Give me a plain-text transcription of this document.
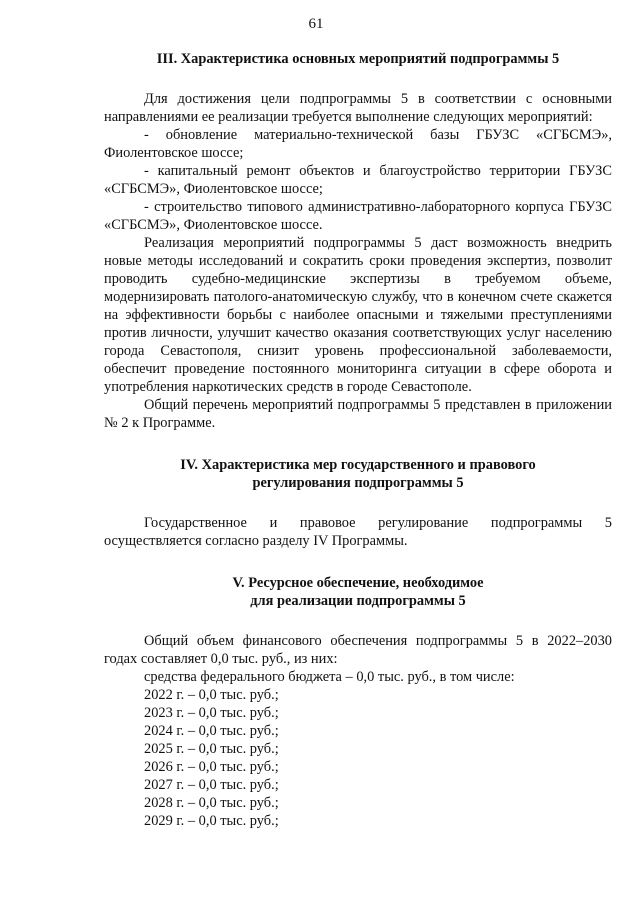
61
III. Характеристика основных мероприятий подпрограммы 5

Для достижения цели подпрограммы 5 в соответствии с основными направлениями ее реализации требуется выполнение следующих мероприятий:

- обновление материально-технической базы ГБУЗС «СГБСМЭ», Фиолентовское шоссе;

- капитальный ремонт объектов и благоустройство территории ГБУЗС «СГБСМЭ», Фиолентовское шоссе;

- строительство типового административно-лабораторного корпуса ГБУЗС «СГБСМЭ», Фиолентовское шоссе.

Реализация мероприятий подпрограммы 5 даст возможность внедрить новые методы исследований и сократить сроки проведения экспертиз, позволит проводить судебно-медицинские экспертизы в требуемом объеме, модернизировать патолого-анатомическую службу, что в конечном счете скажется на эффективности борьбы с наиболее опасными и тяжелыми преступлениями против личности, улучшит качество оказания соответствующих услуг населению города Севастополя, снизит уровень профессиональной заболеваемости, обеспечит проведение постоянного мониторинга ситуации в сфере оборота и употребления наркотических средств в городе Севастополе.

Общий перечень мероприятий подпрограммы 5 представлен в приложении № 2 к Программе.

IV. Характеристика мер государственного и правового
регулирования подпрограммы 5

Государственное и правовое регулирование подпрограммы 5 осуществляется согласно разделу IV Программы.

V. Ресурсное обеспечение, необходимое
для реализации подпрограммы 5

Общий объем финансового обеспечения подпрограммы 5 в 2022–2030 годах составляет 0,0 тыс. руб., из них:

средства федерального бюджета – 0,0 тыс. руб., в том числе:
2022 г. – 0,0 тыс. руб.;
2023 г. – 0,0 тыс. руб.;
2024 г. – 0,0 тыс. руб.;
2025 г. – 0,0 тыс. руб.;
2026 г. – 0,0 тыс. руб.;
2027 г. – 0,0 тыс. руб.;
2028 г. – 0,0 тыс. руб.;
2029 г. – 0,0 тыс. руб.;
